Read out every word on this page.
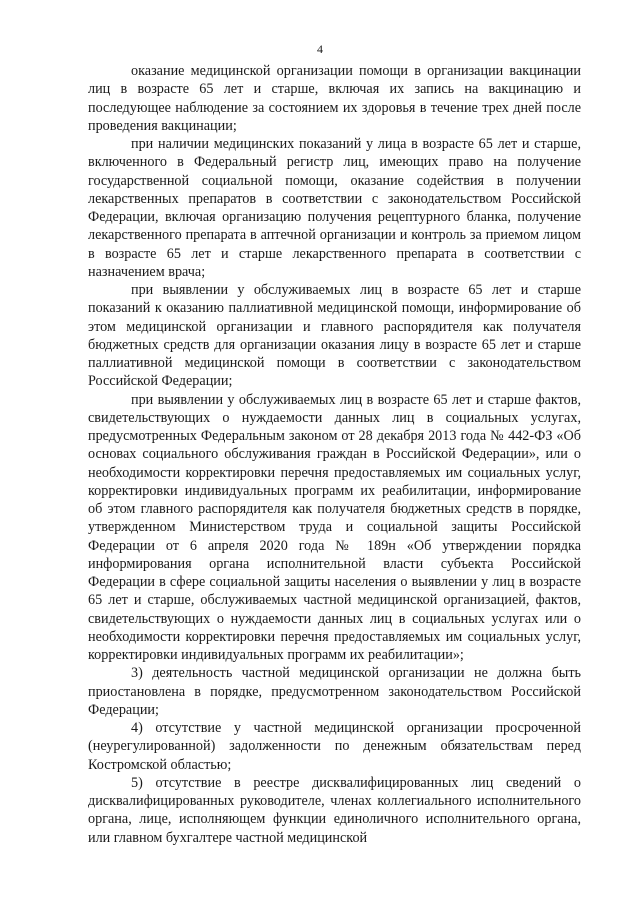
4

оказание медицинской организации помощи в организации вакцинации лиц в возрасте 65 лет и старше, включая их запись на вакцинацию и последующее наблюдение за состоянием их здоровья в течение трех дней после проведения вакцинации;

при наличии медицинских показаний у лица в возрасте 65 лет и старше, включенного в Федеральный регистр лиц, имеющих право на получение государственной социальной помощи, оказание содействия в получении лекарственных препаратов в соответствии с законодательством Российской Федерации, включая организацию получения рецептурного бланка, получение лекарственного препарата в аптечной организации и контроль за приемом лицом в возрасте 65 лет и старше лекарственного препарата в соответствии с назначением врача;

при выявлении у обслуживаемых лиц в возрасте 65 лет и старше показаний к оказанию паллиативной медицинской помощи, информирование об этом медицинской организации и главного распорядителя как получателя бюджетных средств для организации оказания лицу в возрасте 65 лет и старше паллиативной медицинской помощи в соответствии с законодательством Российской Федерации;

при выявлении у обслуживаемых лиц в возрасте 65 лет и старше фактов, свидетельствующих о нуждаемости данных лиц в социальных услугах, предусмотренных Федеральным законом от 28 декабря 2013 года № 442-ФЗ «Об основах социального обслуживания граждан в Российской Федерации», или о необходимости корректировки перечня предоставляемых им социальных услуг, корректировки индивидуальных программ их реабилитации, информирование об этом главного распорядителя как получателя бюджетных средств в порядке, утвержденном Министерством труда и социальной защиты Российской Федерации от 6 апреля 2020 года № 189н «Об утверждении порядка информирования органа исполнительной власти субъекта Российской Федерации в сфере социальной защиты населения о выявлении у лиц в возрасте 65 лет и старше, обслуживаемых частной медицинской организацией, фактов, свидетельствующих о нуждаемости данных лиц в социальных услугах или о необходимости корректировки перечня предоставляемых им социальных услуг, корректировки индивидуальных программ их реабилитации»;

3) деятельность частной медицинской организации не должна быть приостановлена в порядке, предусмотренном законодательством Российской Федерации;

4) отсутствие у частной медицинской организации просроченной (неурегулированной) задолженности по денежным обязательствам перед Костромской областью;

5) отсутствие в реестре дисквалифицированных лиц сведений о дисквалифицированных руководителе, членах коллегиального исполнительного органа, лице, исполняющем функции единоличного исполнительного органа, или главном бухгалтере частной медицинской
